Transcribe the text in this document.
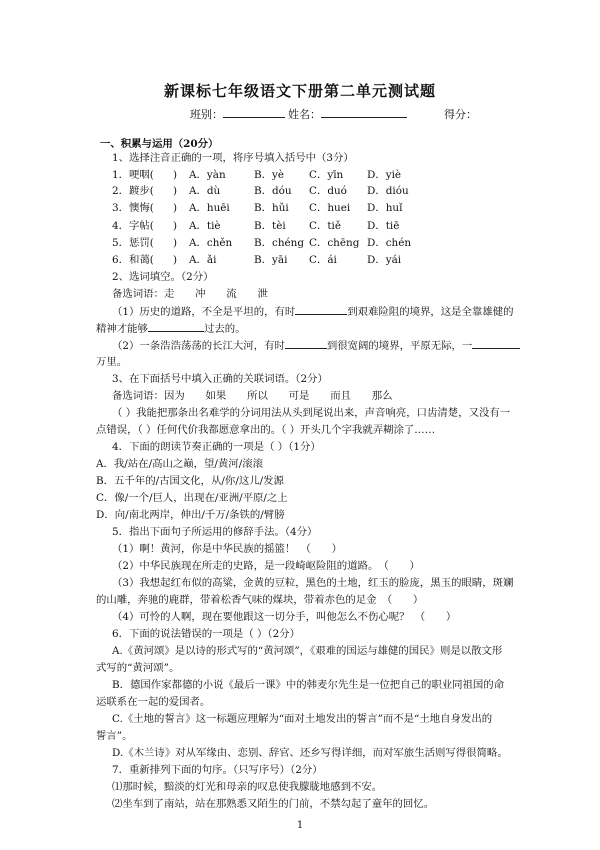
新课标七年级语文下册第二单元测试题
班别：	姓名：	得分：
一、积累与运用（20分）
1、选择注音正确的一项，将序号填入括号中（3分）
1．哽咽( ) A．yàn	B．yè C．yīn D．yiè
2．踱步( ) A．dù	B．dóu C．duó D．dióu
3．懊悔( ) A．huēi B．hǔi C．huei D．huǐ
4．字帖( ) A．tiè	B．tèi C．tiě	D．tiē
5．惩罚( ) A．chěn B．chéng C．chēng D．chén
6．和蔼( ) A．ǎi	B．yāi C．ái	D．yái
2、选词填空。（2分）
备选词语：走　　冲　　流　　泄
（1）历史的道路，不全是平坦的，有时	到艰难险阻的境界，这是全靠雄健的
精神才能够	过去的。
（2）一条浩浩荡荡的长江大河，有时	到很宽阔的境界，平原无际，一
万里。
3、在下面括号中填入正确的关联词语。（2分）
备选词语：因为　　如果　　所以　　可是　　而且　　那么
（ ）我能把那条出名难学的分词用法从头到尾说出来，声音响亮，口齿清楚，又没有一
点错误，（ ）任何代价我都愿意拿出的。（ ）开头几个字我就弄糊涂了……
4．下面的朗读节奏正确的一项是（ ）（1分）
A．我/站在/高山之巅，望/黄河/滚滚
B．五千年的/古国文化，从/你/这儿/发源
C．像/一个/巨人，出现在/亚洲/平原/之上
D．向/南北两岸，伸出/千万/条铁的/臂膀
5．指出下面句子所运用的修辞手法。（4分）
（1）啊！黄河，你是中华民族的摇篮！　（　　）
（2）中华民族现在所走的史路，是一段崎岖险阻的道路。　（　　）
（3）我想起红布似的高粱，金黄的豆粒，黑色的土地，红玉的脸庞，黑玉的眼睛，斑斓
的山雕，奔驰的鹿群，带着松香气味的煤块，带着赤色的足金　（　　）
（4）可怜的人啊，现在要他跟这一切分手，叫他怎么不伤心呢？　（　　）
6．下面的说法错误的一项是（ ）（2分）
A.《黄河颂》是以诗的形式写的“黄河颂”，《艰难的国运与雄健的国民》则是以散文形
式写的“黄河颂”。
B．德国作家都德的小说《最后一课》中的韩麦尔先生是一位把自己的职业同祖国的命
运联系在一起的爱国者。
C.《土地的誓言》这一标题应理解为“面对土地发出的誓言”而不是“土地自身发出的
誓言”。
D.《木兰诗》对从军缘由、恋别、辞官、还乡写得详细，而对军旅生活则写得很简略。
7．重新排列下面的句序。（只写序号）（2分）
⑴那时候，黯淡的灯光和母亲的叹息使我朦胧地感到不安。
⑵坐车到了南站，站在那熟悉又陌生的门前，不禁勾起了童年的回忆。
1
